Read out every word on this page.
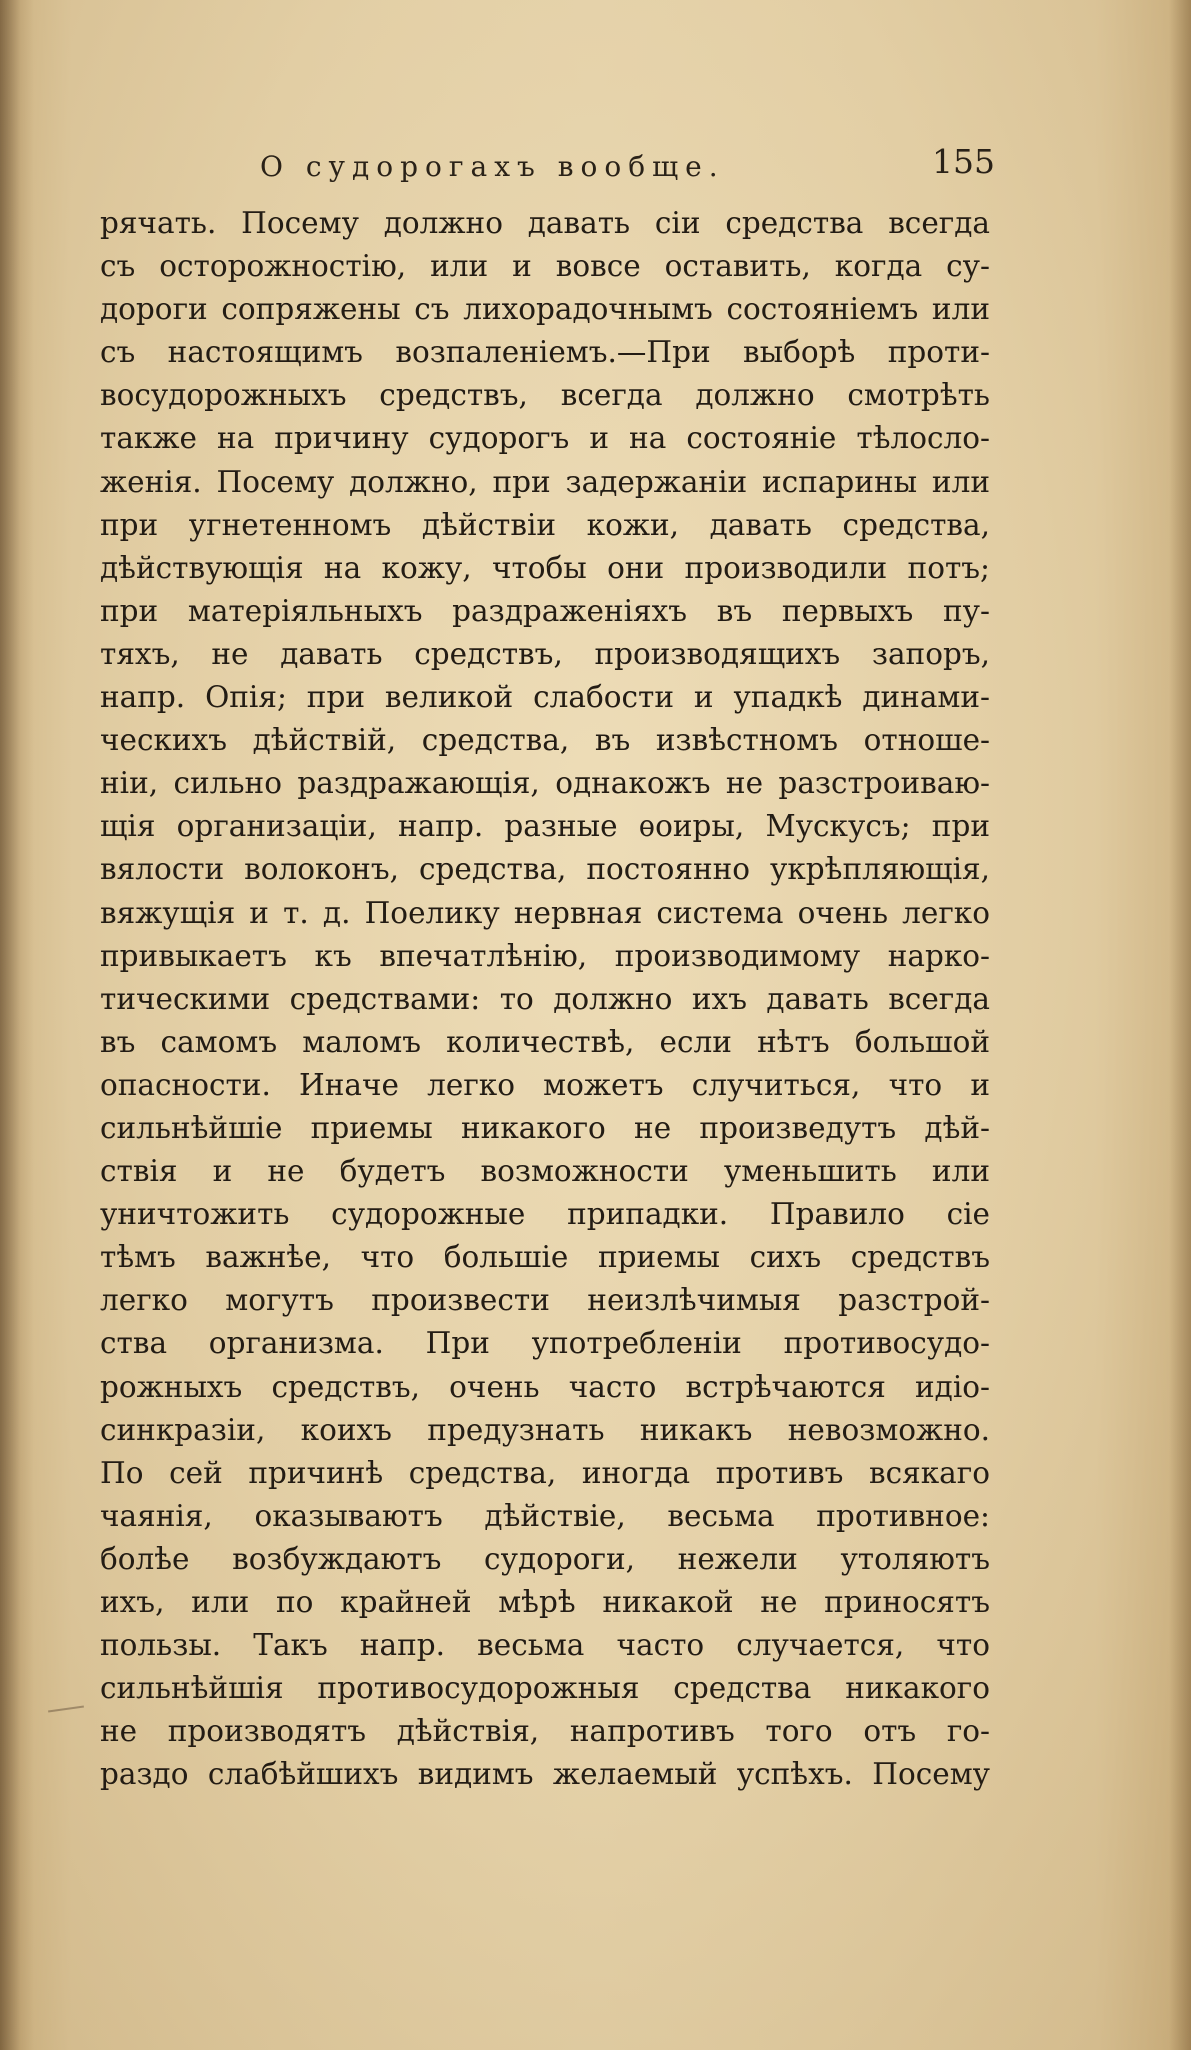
О судорогахъ вообще.	155
рячать. Посему должно давать сіи средства всегда
съ осторожностію, или и вовсе оставить, когда су-
дороги сопряжены съ лихорадочнымъ состояніемъ или
съ настоящимъ возпаленіемъ.—При выборѣ проти-
восудорожныхъ средствъ, всегда должно смотрѣть
также на причину судорогъ и на состояніе тѣлосло-
женія. Посему должно, при задержаніи испарины или
при угнетенномъ дѣйствіи кожи, давать средства,
дѣйствующія на кожу, чтобы они производили потъ;
при матеріяльныхъ раздраженіяхъ въ первыхъ пу-
тяхъ, не давать средствъ, производящихъ запоръ,
напр. Опія; при великой слабости и упадкѣ динами-
ческихъ дѣйствій, средства, въ извѣстномъ отноше-
ніи, сильно раздражающія, однакожъ не разстроиваю-
щія организаціи, напр. разные ѳоиры, Мускусъ; при
вялости волоконъ, средства, постоянно укрѣпляющія,
вяжущія и т. д. Поелику нервная система очень легко
привыкаетъ къ впечатлѣнію, производимому нарко-
тическими средствами: то должно ихъ давать всегда
въ самомъ маломъ количествѣ, если нѣтъ большой
опасности. Иначе легко можетъ случиться, что и
сильнѣйшіе приемы никакого не произведутъ дѣй-
ствія и не будетъ возможности уменьшить или
уничтожить судорожные припадки. Правило сіе
тѣмъ важнѣе, что большіе приемы сихъ средствъ
легко могутъ произвести неизлѣчимыя разстрой-
ства организма. При употребленіи противосудо-
рожныхъ средствъ, очень часто встрѣчаются идіо-
синкразіи, коихъ предузнать никакъ невозможно.
По сей причинѣ средства, иногда противъ всякаго
чаянія, оказываютъ дѣйствіе, весьма противное:
болѣе возбуждаютъ судороги, нежели утоляютъ
ихъ, или по крайней мѣрѣ никакой не приносятъ
пользы. Такъ напр. весьма часто случается, что
сильнѣйшія противосудорожныя средства никакого
не производятъ дѣйствія, напротивъ того отъ го-
раздо слабѣйшихъ видимъ желаемый успѣхъ. Посему
